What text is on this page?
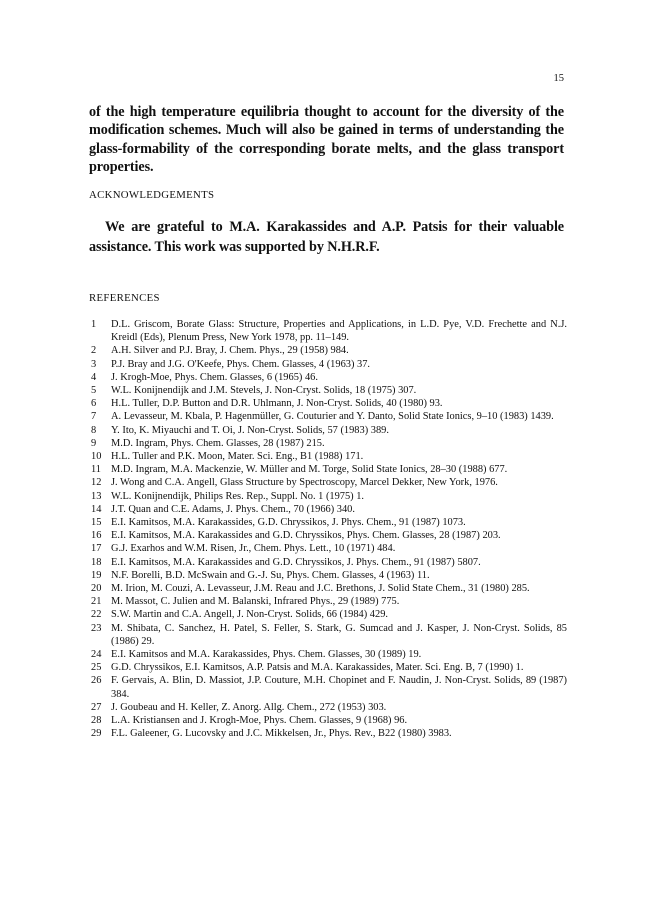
15

of the high temperature equilibria thought to account for the diversity of the modification schemes. Much will also be gained in terms of understanding the glass-formability of the corresponding borate melts, and the glass transport properties.

ACKNOWLEDGEMENTS

We are grateful to M.A. Karakassides and A.P. Patsis for their valuable assistance. This work was supported by N.H.R.F.

REFERENCES
1	D.L. Griscom, Borate Glass: Structure, Properties and Applications, in L.D. Pye, V.D. Frechette and N.J. Kreidl (Eds), Plenum Press, New York 1978, pp. 11–149.
2	A.H. Silver and P.J. Bray, J. Chem. Phys., 29 (1958) 984.
3	P.J. Bray and J.G. O'Keefe, Phys. Chem. Glasses, 4 (1963) 37.
4	J. Krogh-Moe, Phys. Chem. Glasses, 6 (1965) 46.
5	W.L. Konijnendijk and J.M. Stevels, J. Non-Cryst. Solids, 18 (1975) 307.
6	H.L. Tuller, D.P. Button and D.R. Uhlmann, J. Non-Cryst. Solids, 40 (1980) 93.
7	A. Levasseur, M. Kbala, P. Hagenmüller, G. Couturier and Y. Danto, Solid State Ionics, 9–10 (1983) 1439.
8	Y. Ito, K. Miyauchi and T. Oi, J. Non-Cryst. Solids, 57 (1983) 389.
9	M.D. Ingram, Phys. Chem. Glasses, 28 (1987) 215.
10 H.L. Tuller and P.K. Moon, Mater. Sci. Eng., B1 (1988) 171.
11 M.D. Ingram, M.A. Mackenzie, W. Müller and M. Torge, Solid State Ionics, 28–30 (1988) 677.
12 J. Wong and C.A. Angell, Glass Structure by Spectroscopy, Marcel Dekker, New York, 1976.
13 W.L. Konijnendijk, Philips Res. Rep., Suppl. No. 1 (1975) 1.
14 J.T. Quan and C.E. Adams, J. Phys. Chem., 70 (1966) 340.
15 E.I. Kamitsos, M.A. Karakassides, G.D. Chryssikos, J. Phys. Chem., 91 (1987) 1073.
16 E.I. Kamitsos, M.A. Karakassides and G.D. Chryssikos, Phys. Chem. Glasses, 28 (1987) 203.
17 G.J. Exarhos and W.M. Risen, Jr., Chem. Phys. Lett., 10 (1971) 484.
18 E.I. Kamitsos, M.A. Karakassides and G.D. Chryssikos, J. Phys. Chem., 91 (1987) 5807.
19 N.F. Borelli, B.D. McSwain and G.-J. Su, Phys. Chem. Glasses, 4 (1963) 11.
20 M. Irion, M. Couzi, A. Levasseur, J.M. Reau and J.C. Brethons, J. Solid State Chem., 31 (1980) 285.
21 M. Massot, C. Julien and M. Balanski, Infrared Phys., 29 (1989) 775.
22 S.W. Martin and C.A. Angell, J. Non-Cryst. Solids, 66 (1984) 429.
23 M. Shibata, C. Sanchez, H. Patel, S. Feller, S. Stark, G. Sumcad and J. Kasper, J. Non-Cryst. Solids, 85 (1986) 29.
24 E.I. Kamitsos and M.A. Karakassides, Phys. Chem. Glasses, 30 (1989) 19.
25 G.D. Chryssikos, E.I. Kamitsos, A.P. Patsis and M.A. Karakassides, Mater. Sci. Eng. B, 7 (1990) 1.
26 F. Gervais, A. Blin, D. Massiot, J.P. Couture, M.H. Chopinet and F. Naudin, J. Non-Cryst. Solids, 89 (1987) 384.
27 J. Goubeau and H. Keller, Z. Anorg. Allg. Chem., 272 (1953) 303.
28 L.A. Kristiansen and J. Krogh-Moe, Phys. Chem. Glasses, 9 (1968) 96.
29 F.L. Galeener, G. Lucovsky and J.C. Mikkelsen, Jr., Phys. Rev., B22 (1980) 3983.
